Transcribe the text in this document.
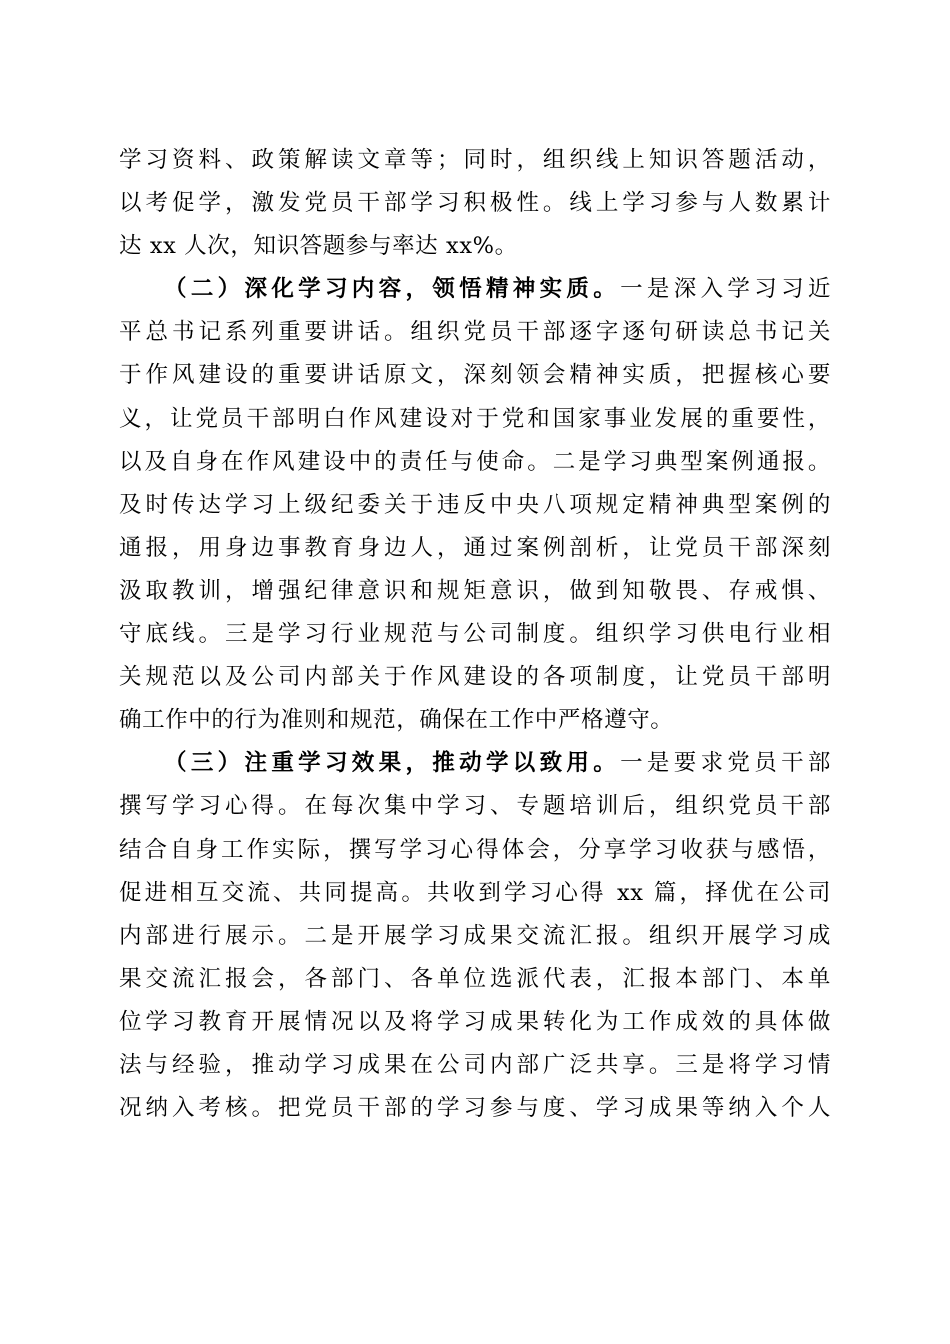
学习资料、政策解读文章等；同时，组织线上知识答题活动，
以考促学，激发党员干部学习积极性。线上学习参与人数累计
达 xx 人次，知识答题参与率达 xx%。
（二）深化学习内容，领悟精神实质。一是深入学习习近
平总书记系列重要讲话。组织党员干部逐字逐句研读总书记关
于作风建设的重要讲话原文，深刻领会精神实质，把握核心要
义，让党员干部明白作风建设对于党和国家事业发展的重要性，
以及自身在作风建设中的责任与使命。二是学习典型案例通报。
及时传达学习上级纪委关于违反中央八项规定精神典型案例的
通报，用身边事教育身边人，通过案例剖析，让党员干部深刻
汲取教训，增强纪律意识和规矩意识，做到知敬畏、存戒惧、
守底线。三是学习行业规范与公司制度。组织学习供电行业相
关规范以及公司内部关于作风建设的各项制度，让党员干部明
确工作中的行为准则和规范，确保在工作中严格遵守。
（三）注重学习效果，推动学以致用。一是要求党员干部
撰写学习心得。在每次集中学习、专题培训后，组织党员干部
结合自身工作实际，撰写学习心得体会，分享学习收获与感悟，
促进相互交流、共同提高。共收到学习心得 xx 篇，择优在公司
内部进行展示。二是开展学习成果交流汇报。组织开展学习成
果交流汇报会，各部门、各单位选派代表，汇报本部门、本单
位学习教育开展情况以及将学习成果转化为工作成效的具体做
法与经验，推动学习成果在公司内部广泛共享。三是将学习情
况纳入考核。把党员干部的学习参与度、学习成果等纳入个人
